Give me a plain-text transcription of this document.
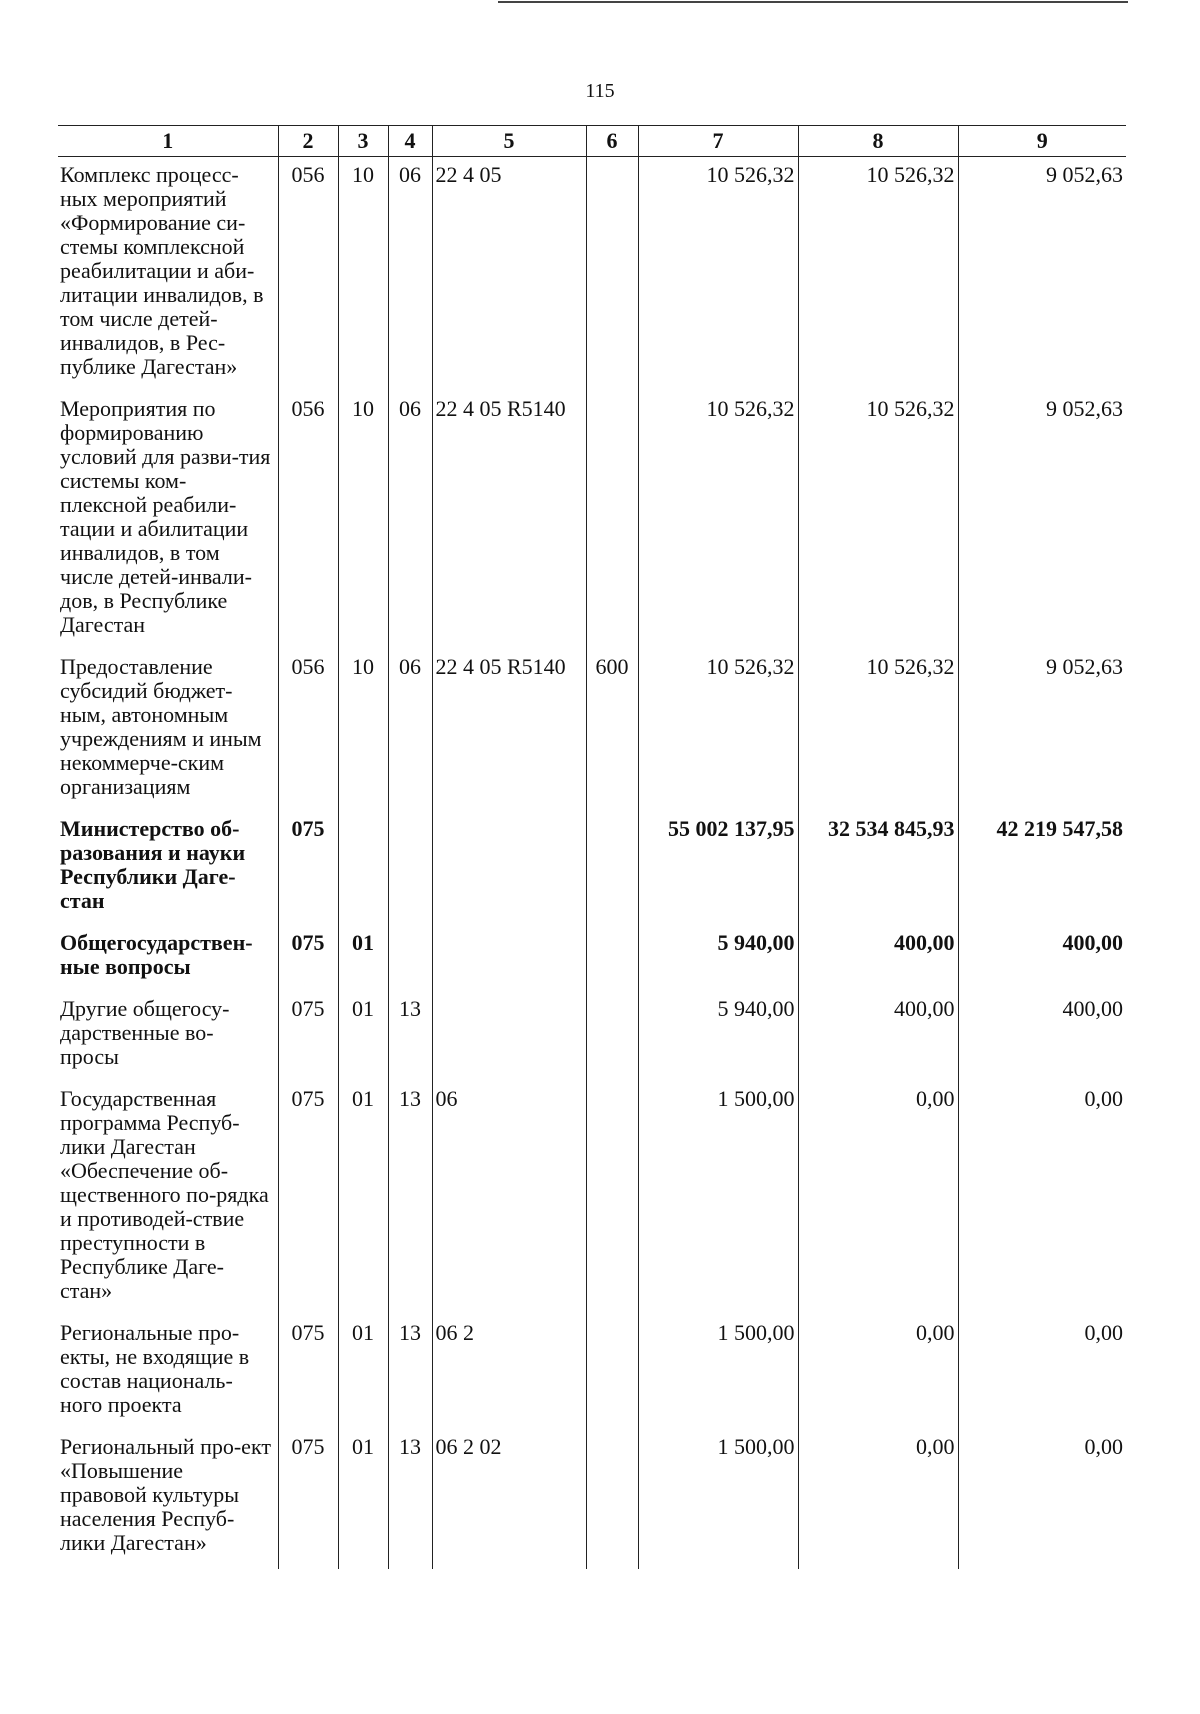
115
1	2	3	4	5	6	7	8	9
Комплекс процесс-ных мероприятий «Формирование си-стемы комплексной реабилитации и аби-литации инвалидов, в том числе детей-инвалидов, в Рес-публике Дагестан»	056	10	06	22 4 05		10 526,32	10 526,32	9 052,63
Мероприятия по формированию условий для разви-тия системы ком-плексной реабили-тации и абилитации инвалидов, в том числе детей-инвали-дов, в Республике Дагестан	056	10	06	22 4 05 R5140		10 526,32	10 526,32	9 052,63
Предоставление субсидий бюджет-ным, автономным учреждениям и иным некоммерче-ским организациям	056	10	06	22 4 05 R5140	600	10 526,32	10 526,32	9 052,63
Министерство об-разования и науки Республики Даге-стан	075					55 002 137,95	32 534 845,93	42 219 547,58
Общегосударствен-ные вопросы	075	01				5 940,00	400,00	400,00
Другие общегосу-дарственные во-просы	075	01	13			5 940,00	400,00	400,00
Государственная программа Респуб-лики Дагестан «Обеспечение об-щественного по-рядка и противодей-ствие преступности в Республике Даге-стан»	075	01	13	06		1 500,00	0,00	0,00
Региональные про-екты, не входящие в состав националь-ного проекта	075	01	13	06 2		1 500,00	0,00	0,00
Региональный про-ект «Повышение правовой культуры населения Респуб-лики Дагестан»	075	01	13	06 2 02		1 500,00	0,00	0,00
